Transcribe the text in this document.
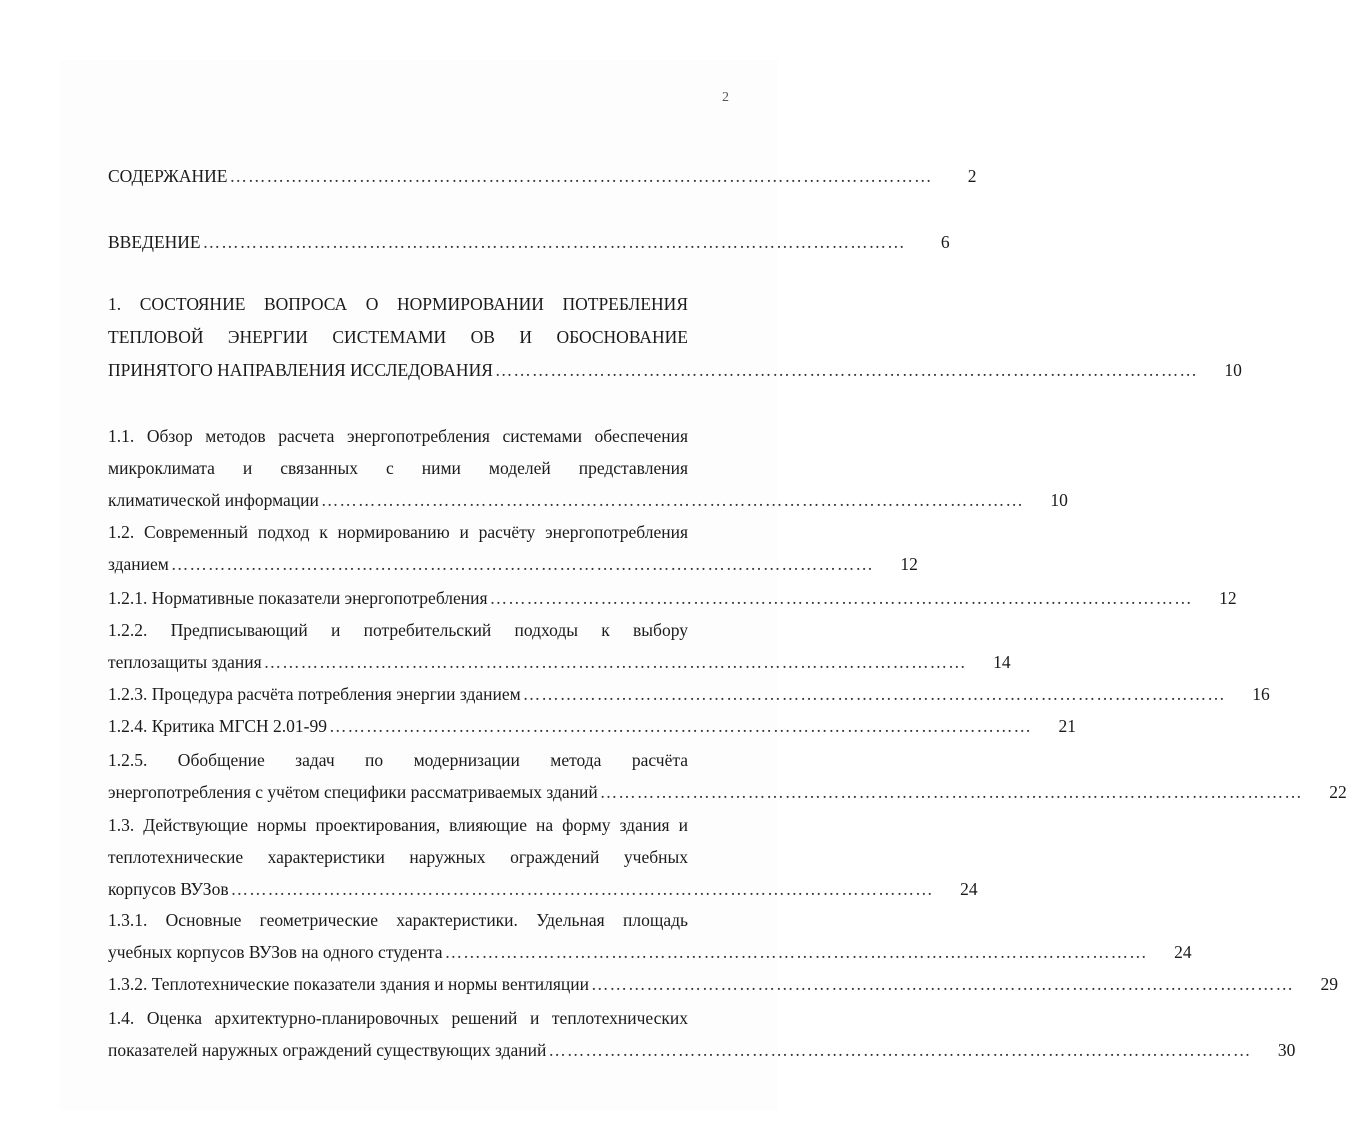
2
СОДЕРЖАНИЕ ……………………………………………………………………………………………………	2
ВВЕДЕНИЕ ……………………………………………………………………………………………………	6
1. СОСТОЯНИЕ ВОПРОСА О НОРМИРОВАНИИ ПОТРЕБЛЕНИЯ
ТЕПЛОВОЙ ЭНЕРГИИ СИСТЕМАМИ ОВ И ОБОСНОВАНИЕ
ПРИНЯТОГО НАПРАВЛЕНИЯ ИССЛЕДОВАНИЯ ……………………………………………………………………………………………………	10
1.1. Обзор методов расчета энергопотребления системами обеспечения
микроклимата и связанных с ними моделей представления
климатической информации ……………………………………………………………………………………………………	10
1.2. Современный подход к нормированию и расчёту энергопотребления
зданием ……………………………………………………………………………………………………	12
1.2.1. Нормативные показатели энергопотребления ……………………………………………………………………………………………………	12
1.2.2. Предписывающий и потребительский подходы к выбору
теплозащиты здания ……………………………………………………………………………………………………	14
1.2.3. Процедура расчёта потребления энергии зданием ……………………………………………………………………………………………………	16
1.2.4. Критика МГСН 2.01-99 ……………………………………………………………………………………………………	21
1.2.5. Обобщение задач по модернизации метода расчёта
энергопотребления с учётом специфики рассматриваемых зданий ……………………………………………………………………………………………………	22
1.3. Действующие нормы проектирования, влияющие на форму здания и
теплотехнические характеристики наружных ограждений учебных
корпусов ВУЗов ……………………………………………………………………………………………………	24
1.3.1. Основные геометрические характеристики. Удельная площадь
учебных корпусов ВУЗов на одного студента ……………………………………………………………………………………………………	24
1.3.2. Теплотехнические показатели здания и нормы вентиляции ……………………………………………………………………………………………………	29
1.4. Оценка архитектурно-планировочных решений и теплотехнических
показателей наружных ограждений существующих зданий ……………………………………………………………………………………………………	30
